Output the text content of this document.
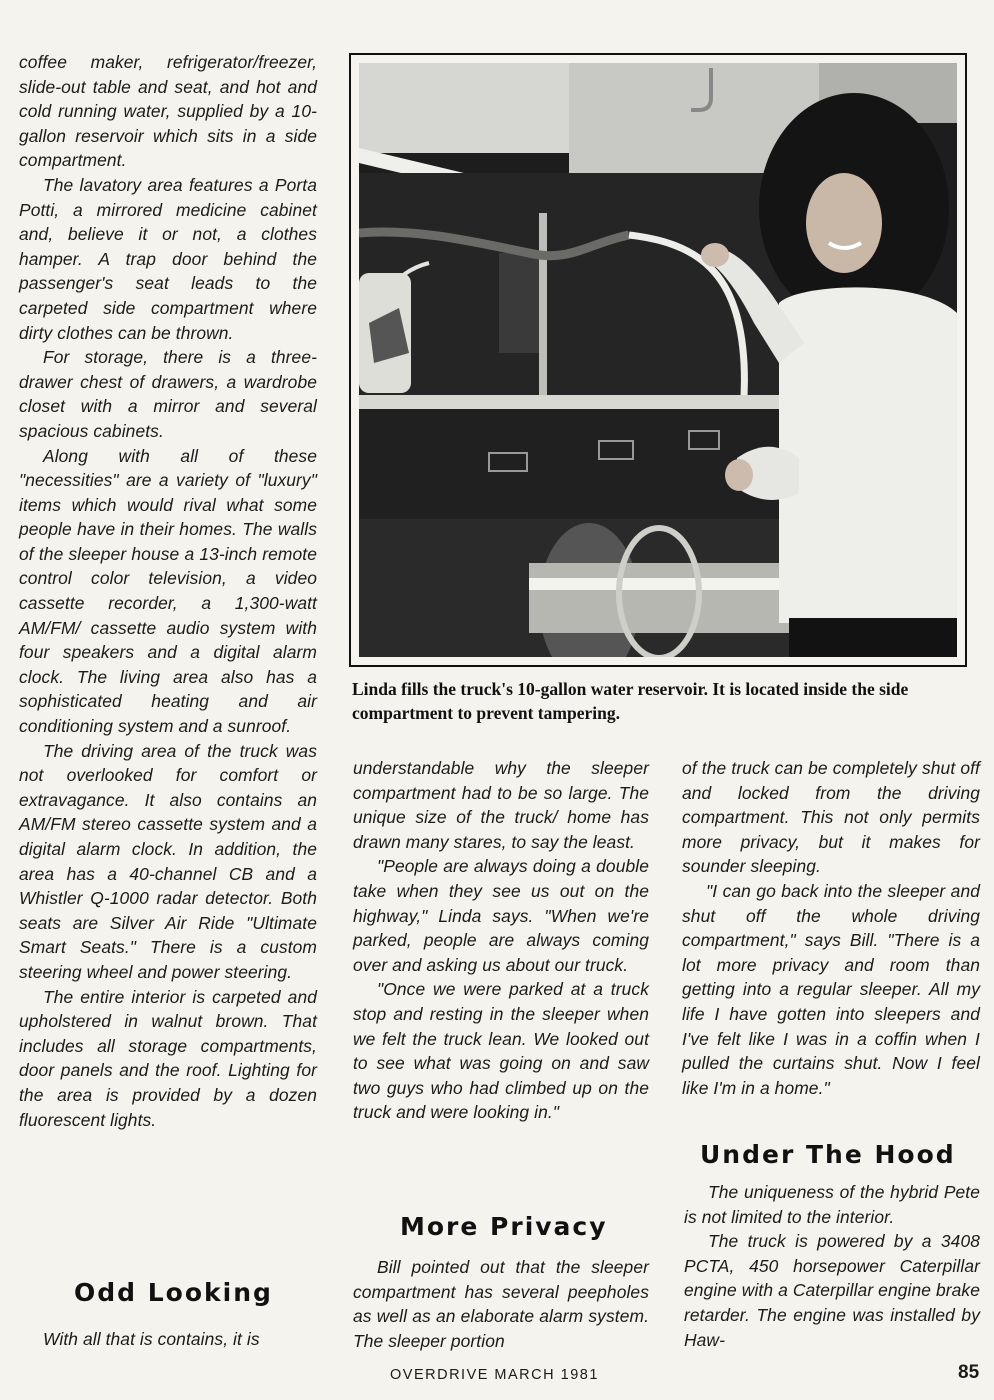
coffee maker, refrigerator/freezer, slide-out table and seat, and hot and cold running water, supplied by a 10-gallon reservoir which sits in a side compartment.

The lavatory area features a Porta Potti, a mirrored medicine cabinet and, believe it or not, a clothes hamper. A trap door behind the passenger's seat leads to the carpeted side compartment where dirty clothes can be thrown.

For storage, there is a three-drawer chest of drawers, a wardrobe closet with a mirror and several spacious cabinets.

Along with all of these "necessities" are a variety of "luxury" items which would rival what some people have in their homes. The walls of the sleeper house a 13-inch remote control color television, a video cassette recorder, a 1,300-watt AM/FM/ cassette audio system with four speakers and a digital alarm clock. The living area also has a sophisticated heating and air conditioning system and a sunroof.

The driving area of the truck was not overlooked for comfort or extravagance. It also contains an AM/FM stereo cassette system and a digital alarm clock. In addition, the area has a 40-channel CB and a Whistler Q-1000 radar detector. Both seats are Silver Air Ride "Ultimate Smart Seats." There is a custom steering wheel and power steering.

The entire interior is carpeted and upholstered in walnut brown. That includes all storage compartments, door panels and the roof. Lighting for the area is provided by a dozen fluorescent lights.

Odd Looking

With all that is contains, it is

Linda fills the truck's 10-gallon water reservoir. It is located inside the side compartment to prevent tampering.

understandable why the sleeper compartment had to be so large. The unique size of the truck/ home has drawn many stares, to say the least.

"People are always doing a double take when they see us out on the highway," Linda says. "When we're parked, people are always coming over and asking us about our truck.

"Once we were parked at a truck stop and resting in the sleeper when we felt the truck lean. We looked out to see what was going on and saw two guys who had climbed up on the truck and were looking in."

More Privacy

Bill pointed out that the sleeper compartment has several peepholes as well as an elaborate alarm system. The sleeper portion

of the truck can be completely shut off and locked from the driving compartment. This not only permits more privacy, but it makes for sounder sleeping.

"I can go back into the sleeper and shut off the whole driving compartment," says Bill. "There is a lot more privacy and room than getting into a regular sleeper. All my life I have gotten into sleepers and I've felt like I was in a coffin when I pulled the curtains shut. Now I feel like I'm in a home."

Under The Hood

The uniqueness of the hybrid Pete is not limited to the interior.

The truck is powered by a 3408 PCTA, 450 horsepower Caterpillar engine with a Caterpillar engine brake retarder. The engine was installed by Haw-

OVERDRIVE MARCH 1981	85
